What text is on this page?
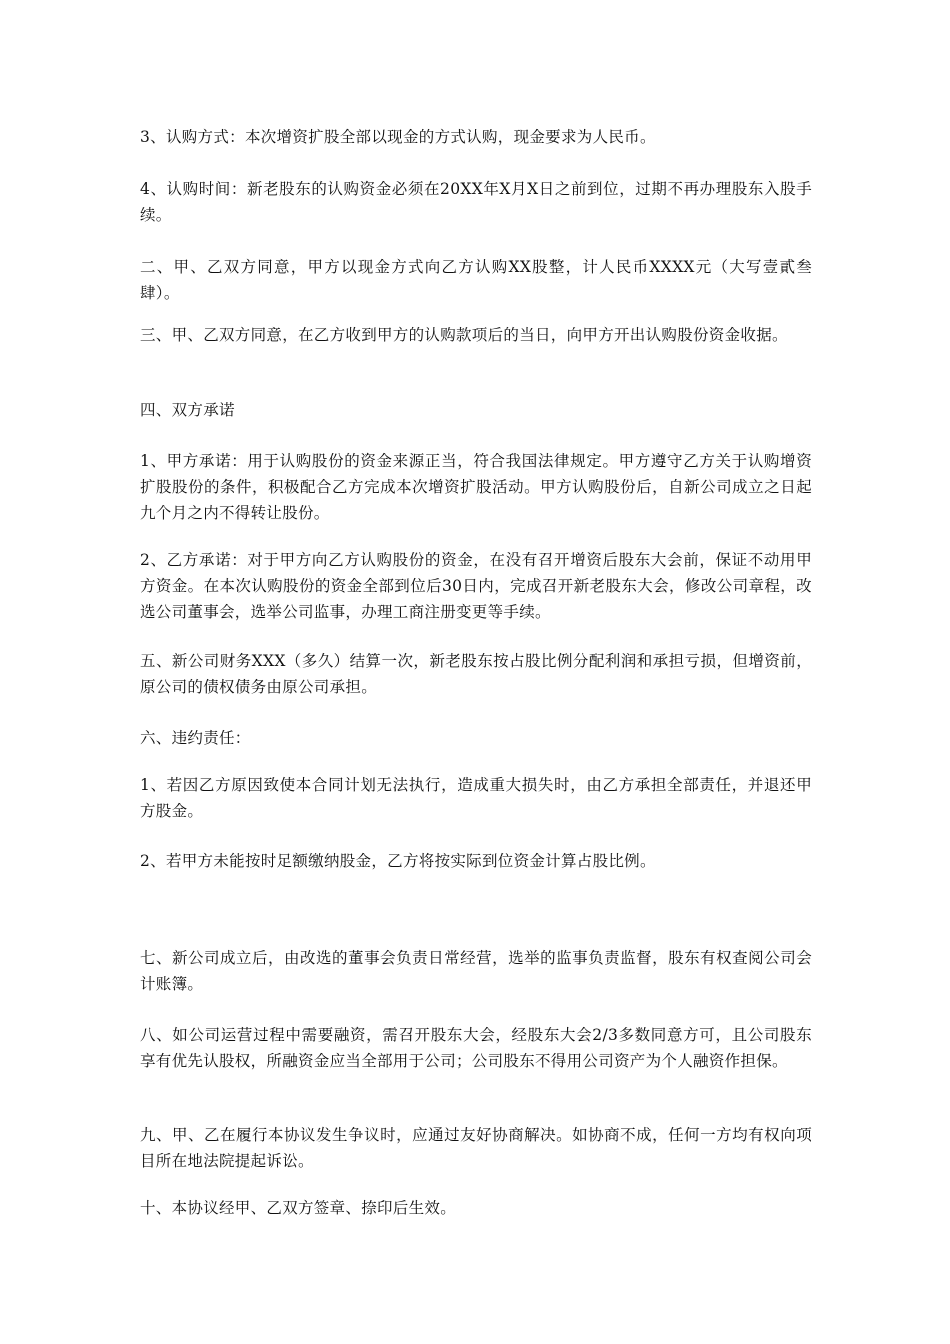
3、认购方式：本次增资扩股全部以现金的方式认购，现金要求为人民币。

4、认购时间：新老股东的认购资金必须在20XX年X月X日之前到位，过期不再办理股东入股手续。

二、甲、乙双方同意，甲方以现金方式向乙方认购XX股整，计人民币XXXX元（大写壹貳叁肆）。

三、甲、乙双方同意，在乙方收到甲方的认购款项后的当日，向甲方开出认购股份资金收据。

四、双方承诺

1、甲方承诺：用于认购股份的资金来源正当，符合我国法律规定。甲方遵守乙方关于认购增资扩股股份的条件，积极配合乙方完成本次增资扩股活动。甲方认购股份后，自新公司成立之日起九个月之内不得转让股份。

2、乙方承诺：对于甲方向乙方认购股份的资金，在没有召开增资后股东大会前，保证不动用甲方资金。在本次认购股份的资金全部到位后30日内，完成召开新老股东大会，修改公司章程，改选公司董事会，选举公司监事，办理工商注册变更等手续。

五、新公司财务XXX（多久）结算一次，新老股东按占股比例分配利润和承担亏损，但增资前，原公司的债权债务由原公司承担。

六、违约责任：

1、若因乙方原因致使本合同计划无法执行，造成重大损失时，由乙方承担全部责任，并退还甲方股金。

2、若甲方未能按时足额缴纳股金，乙方将按实际到位资金计算占股比例。

七、新公司成立后，由改选的董事会负责日常经营，选举的监事负责监督，股东有权查阅公司会计账簿。

八、如公司运营过程中需要融资，需召开股东大会，经股东大会2/3多数同意方可，且公司股东享有优先认股权，所融资金应当全部用于公司；公司股东不得用公司资产为个人融资作担保。

九、甲、乙在履行本协议发生争议时，应通过友好协商解决。如协商不成，任何一方均有权向项目所在地法院提起诉讼。

十、本协议经甲、乙双方签章、捺印后生效。
